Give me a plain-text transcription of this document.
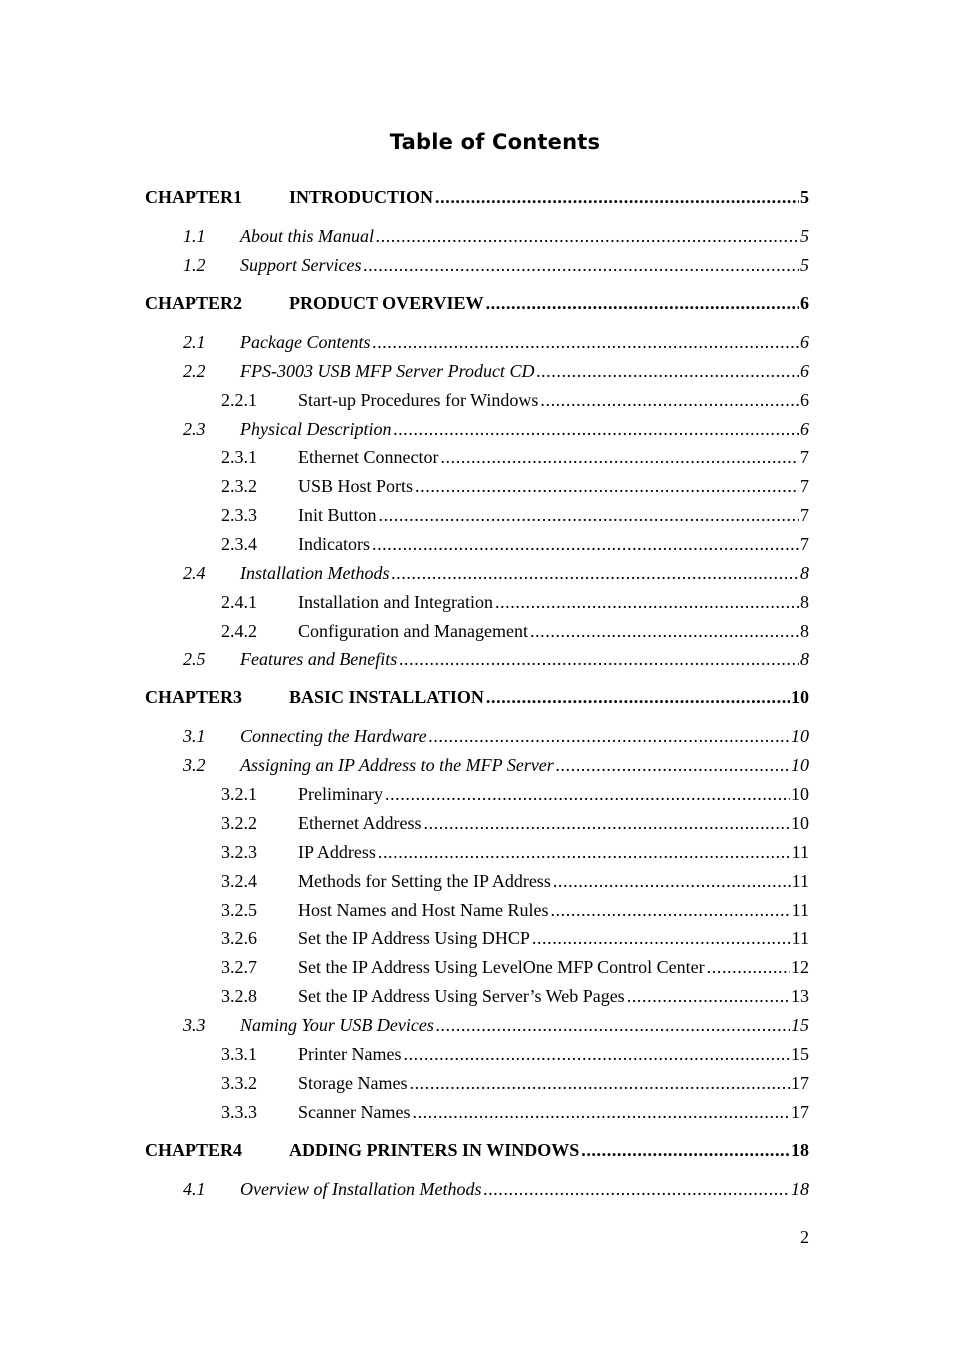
Table of Contents
CHAPTER1	INTRODUCTION .....	5
1.1	About this Manual .....	5
1.2	Support Services .....	5
CHAPTER2	PRODUCT OVERVIEW .....	6
2.1	Package Contents .....	6
2.2	FPS-3003 USB MFP Server Product CD .....	6
2.2.1	Start-up Procedures for Windows .....	6
2.3	Physical Description .....	6
2.3.1	Ethernet Connector .....	7
2.3.2	USB Host Ports .....	7
2.3.3	Init Button .....	7
2.3.4	Indicators .....	7
2.4	Installation Methods .....	8
2.4.1	Installation and Integration .....	8
2.4.2	Configuration and Management .....	8
2.5	Features and Benefits .....	8
CHAPTER3	BASIC INSTALLATION .....	10
3.1	Connecting the Hardware .....	10
3.2	Assigning an IP Address to the MFP Server .....	10
3.2.1	Preliminary .....	10
3.2.2	Ethernet Address .....	10
3.2.3	IP Address .....	11
3.2.4	Methods for Setting the IP Address .....	11
3.2.5	Host Names and Host Name Rules .....	11
3.2.6	Set the IP Address Using DHCP .....	11
3.2.7	Set the IP Address Using LevelOne MFP Control Center .....	12
3.2.8	Set the IP Address Using Server’s Web Pages .....	13
3.3	Naming Your USB Devices .....	15
3.3.1	Printer Names .....	15
3.3.2	Storage Names .....	17
3.3.3	Scanner Names .....	17
CHAPTER4	ADDING PRINTERS IN WINDOWS .....	18
4.1	Overview of Installation Methods .....	18
2
